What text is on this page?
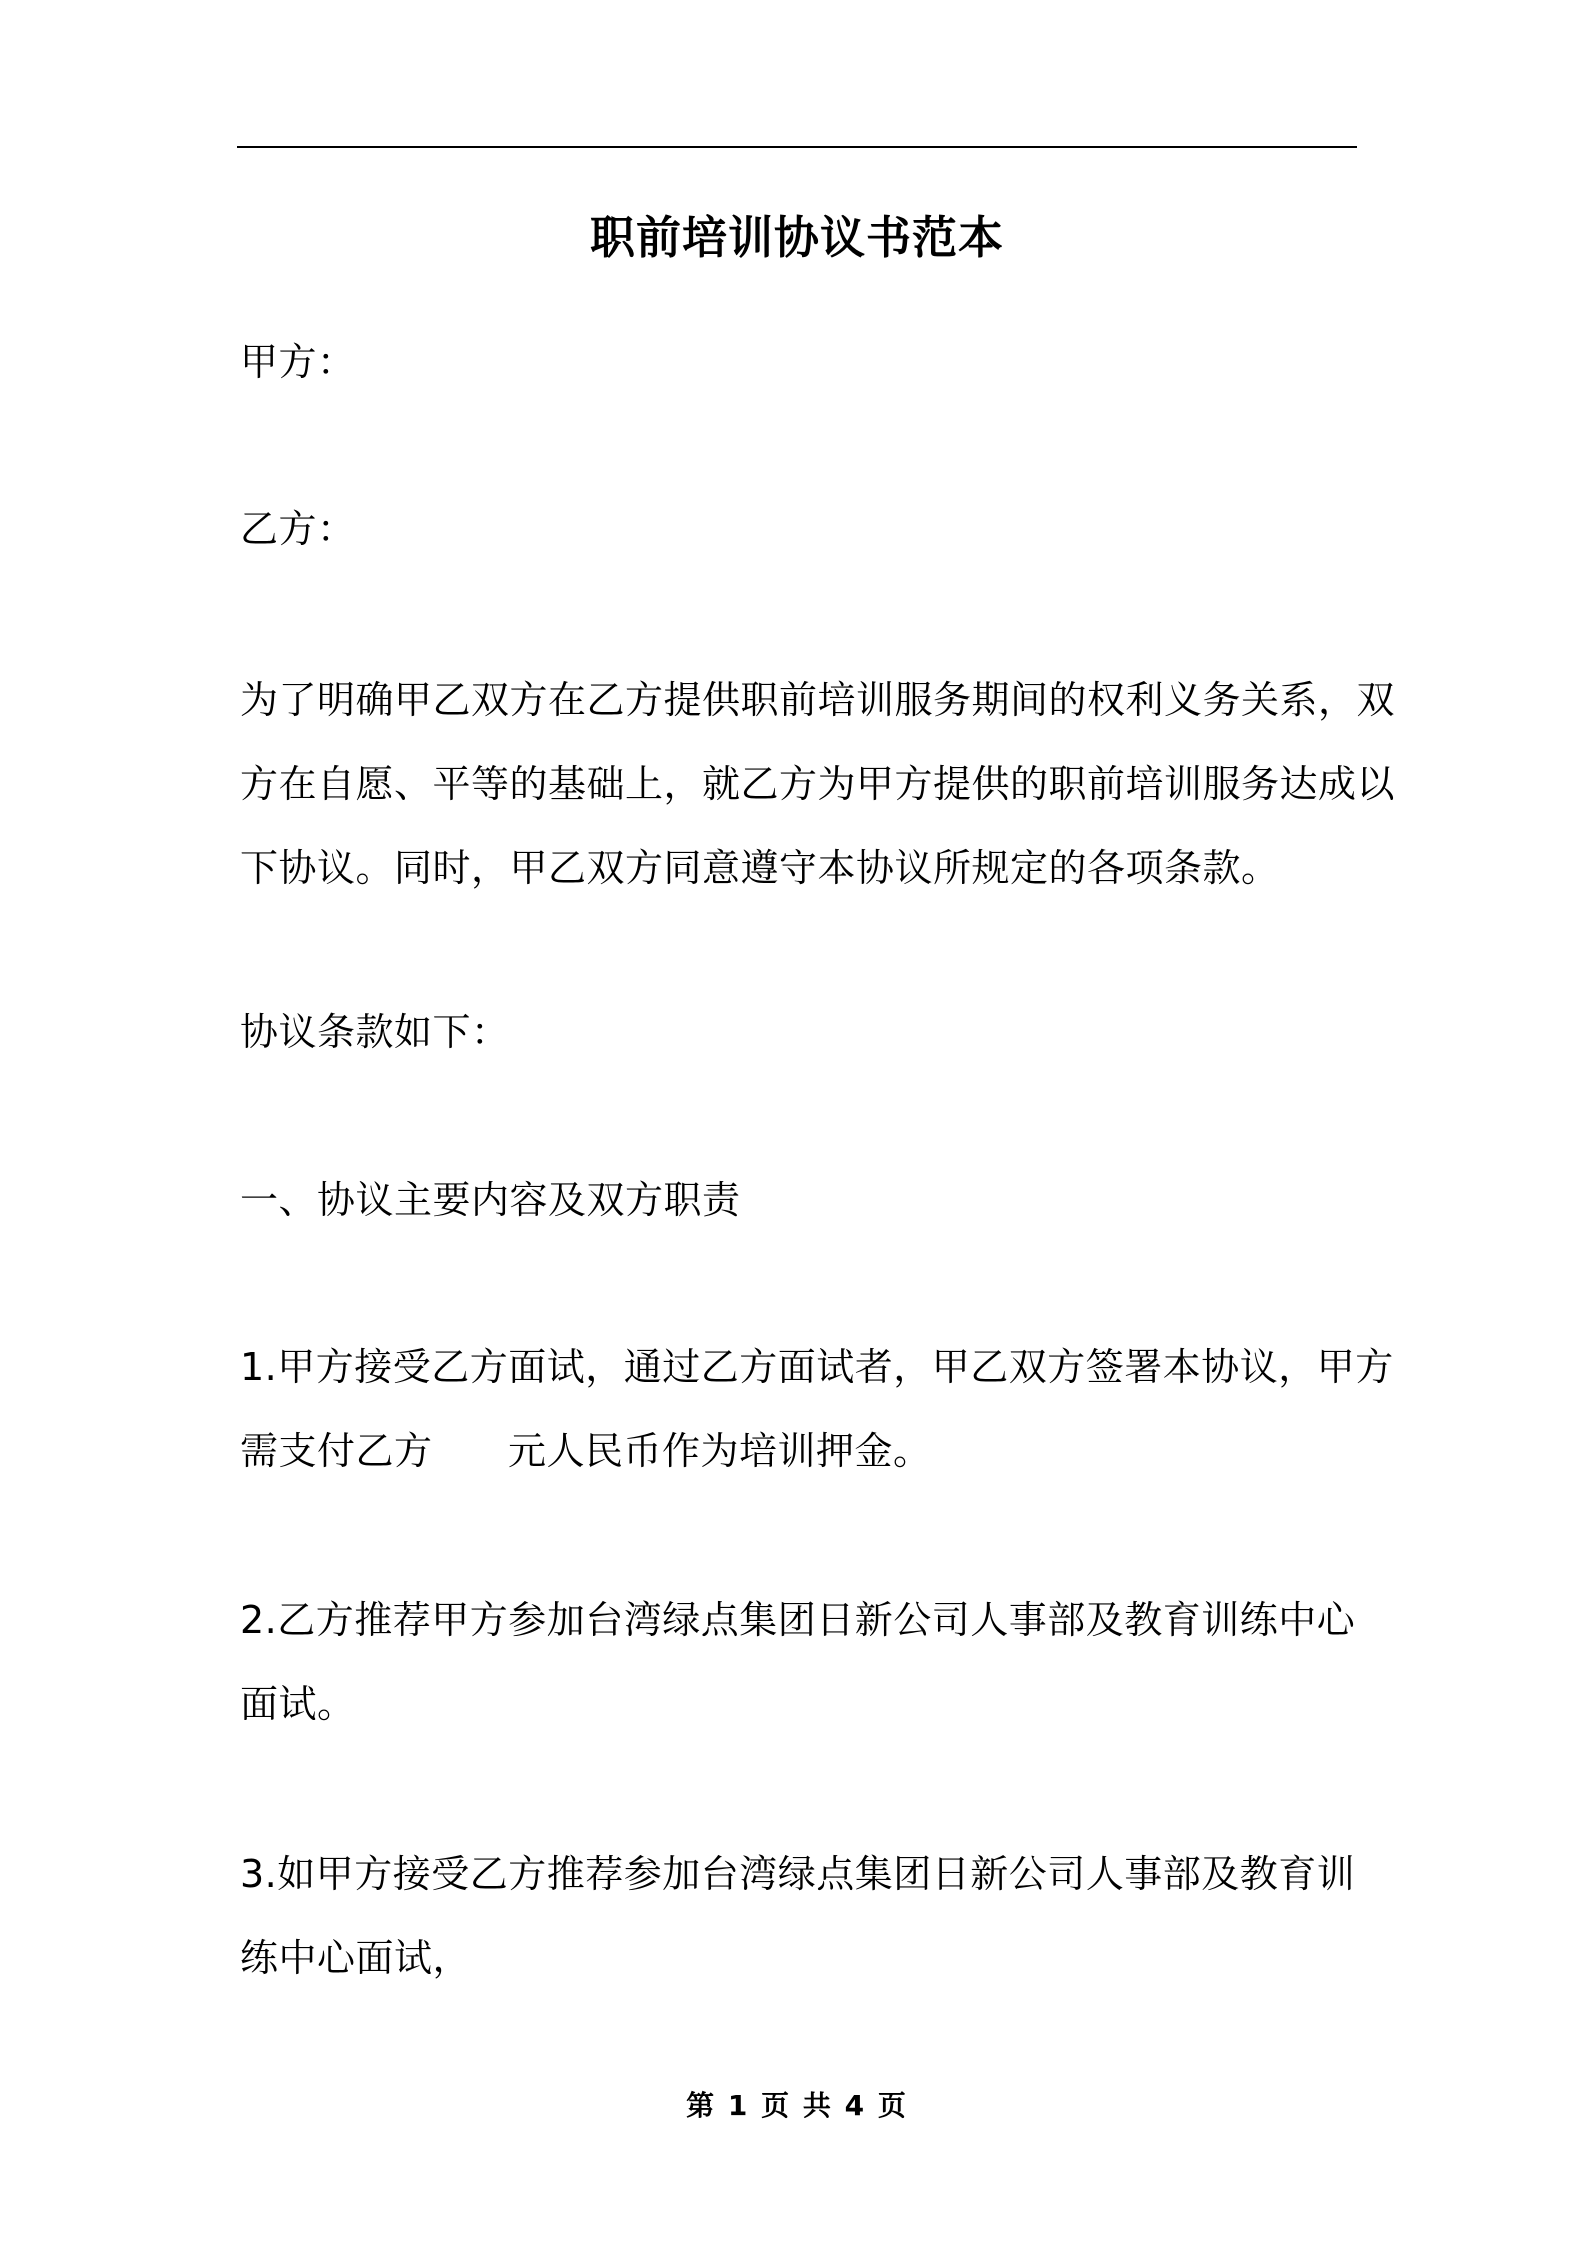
职前培训协议书范本
甲方：
乙方：
为了明确甲乙双方在乙方提供职前培训服务期间的权利义务关系，双
方在自愿、平等的基础上，就乙方为甲方提供的职前培训服务达成以
下协议。同时，甲乙双方同意遵守本协议所规定的各项条款。
协议条款如下：
一、协议主要内容及双方职责
1.甲方接受乙方面试，通过乙方面试者，甲乙双方签署本协议，甲方
需支付乙方      元人民币作为培训押金。
2.乙方推荐甲方参加台湾绿点集团日新公司人事部及教育训练中心
面试。
3.如甲方接受乙方推荐参加台湾绿点集团日新公司人事部及教育训
练中心面试，
第 1 页 共 4 页
